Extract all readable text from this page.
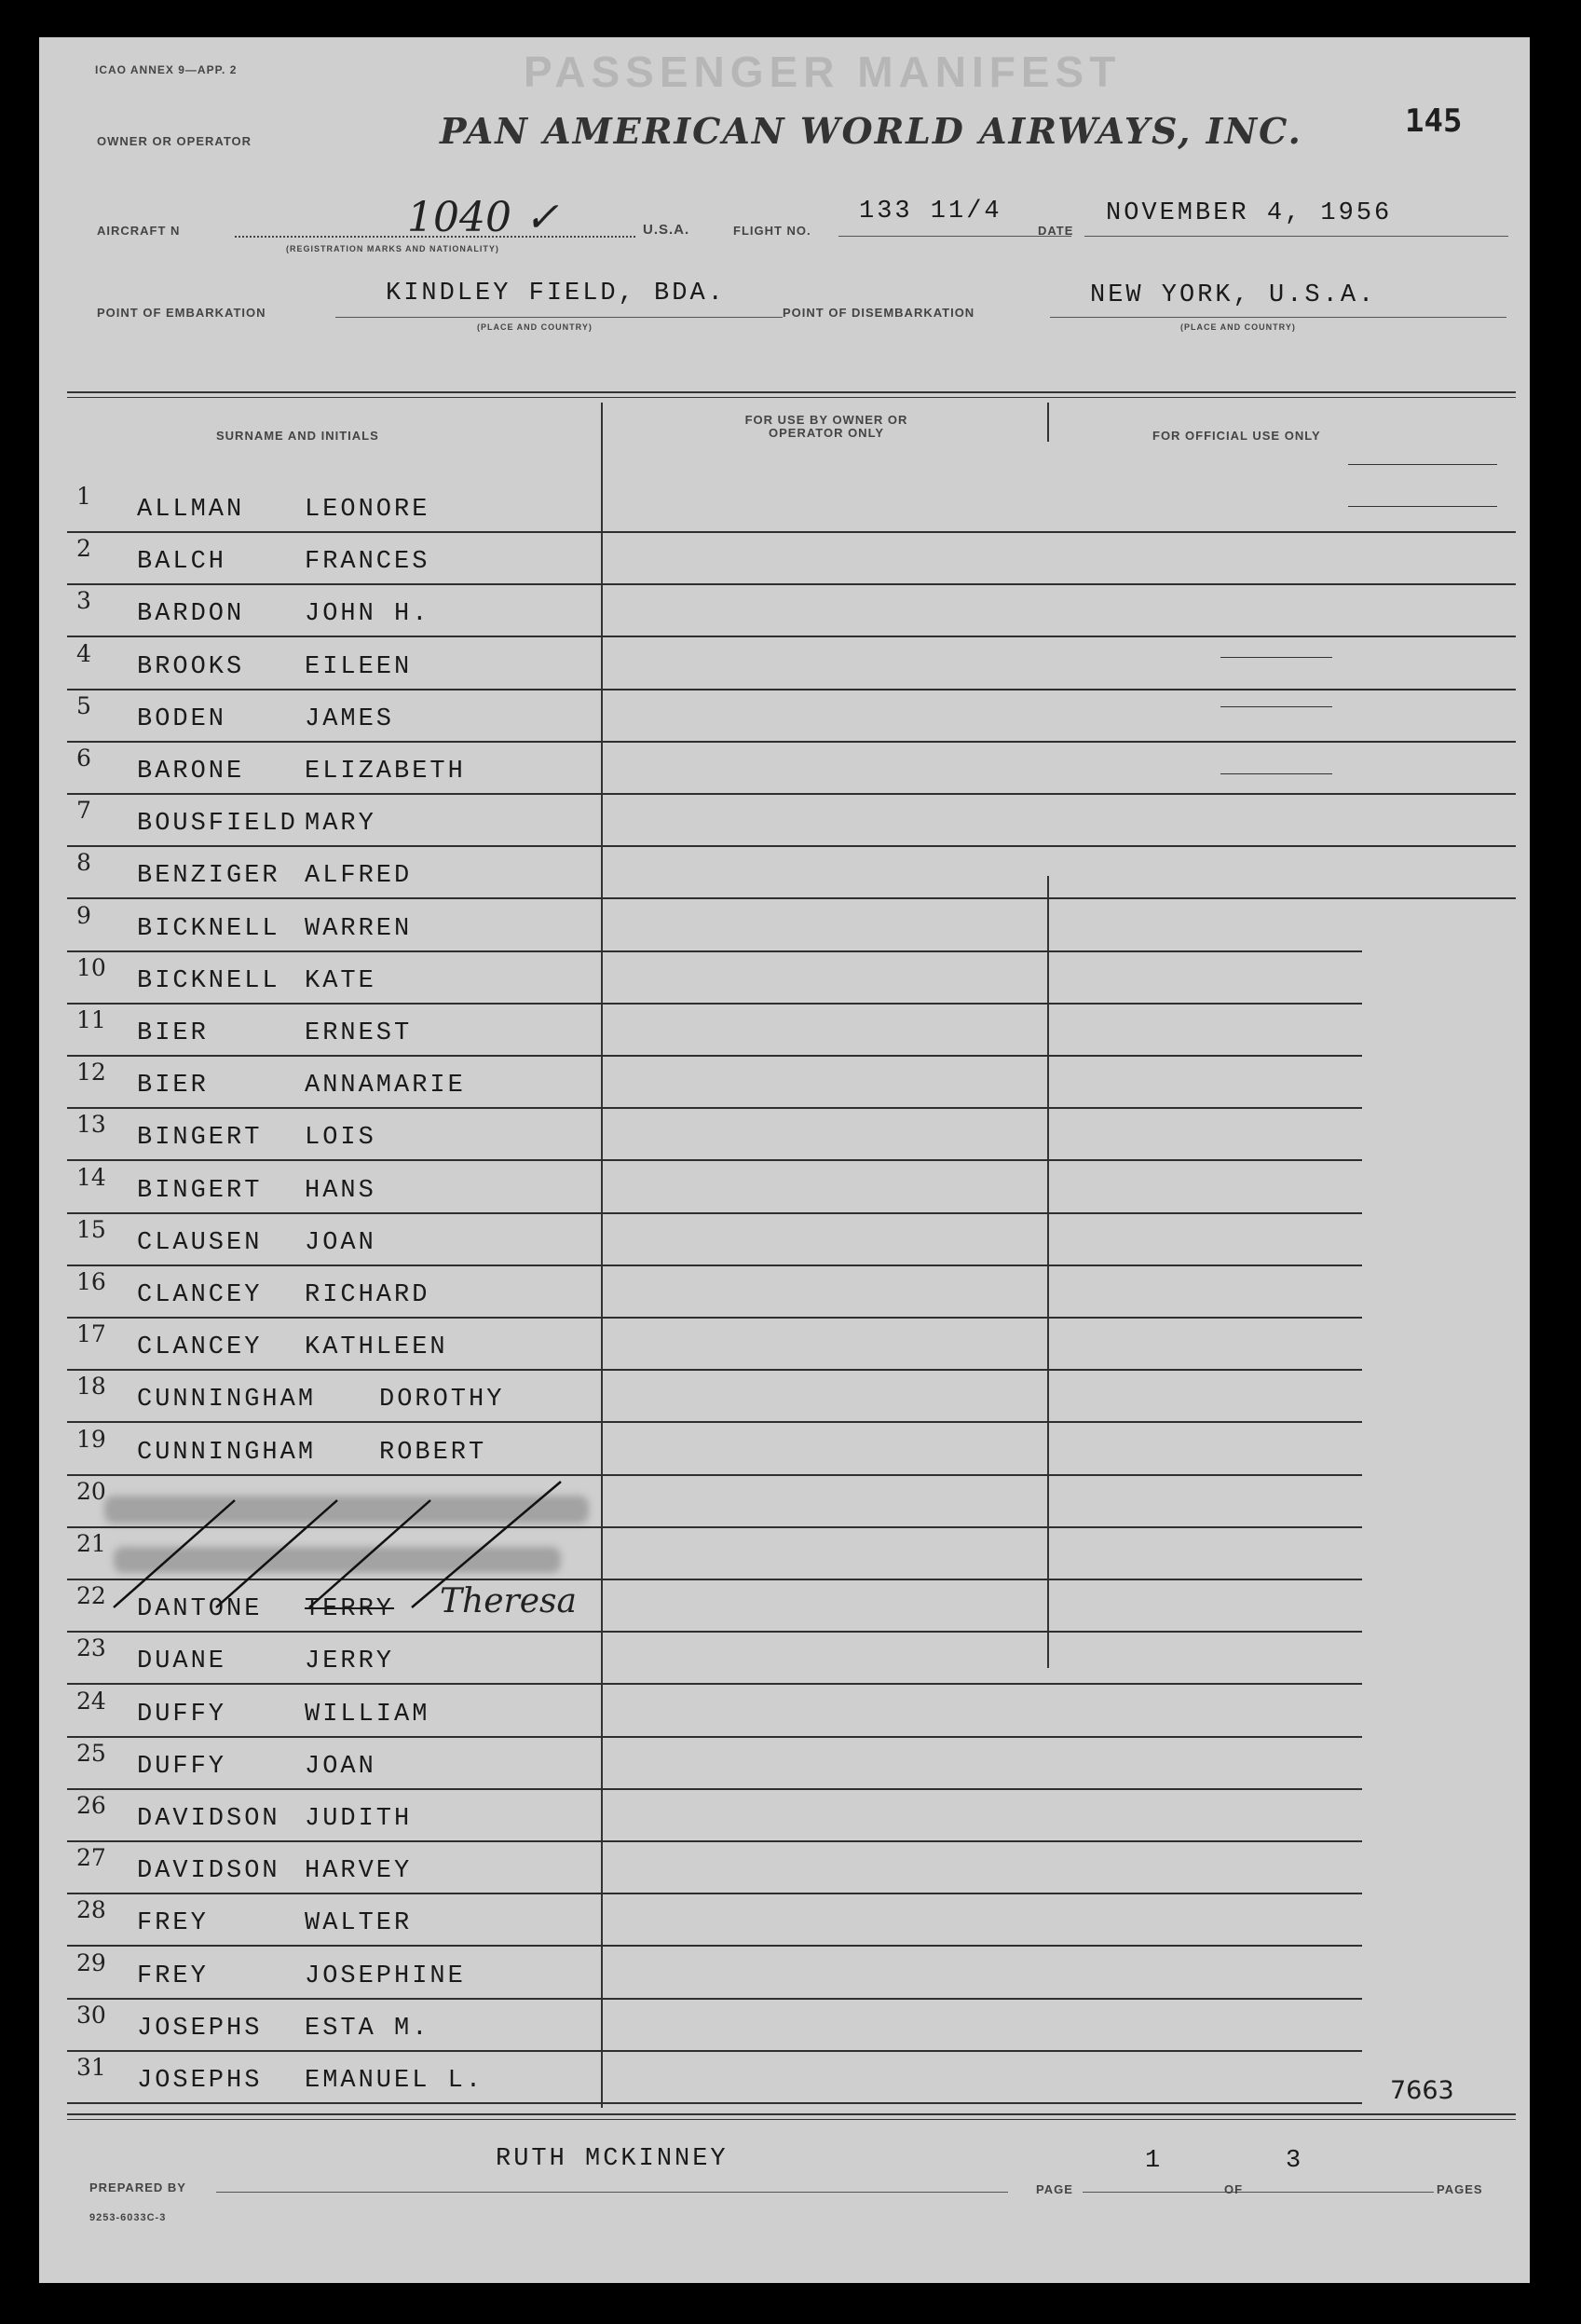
ICAO ANNEX 9—APP. 2	PASSENGER MANIFEST
OWNER OR OPERATOR	PAN AMERICAN WORLD AIRWAYS, INC.	145
AIRCRAFT N	1040 ✓
(REGISTRATION MARKS AND NATIONALITY)
U.S.A.	FLIGHT NO.
133 11/4
DATE
NOVEMBER 4, 1956
POINT OF EMBARKATION
KINDLEY FIELD, BDA.
(PLACE AND COUNTRY)
POINT OF DISEMBARKATION
NEW YORK, U.S.A.
(PLACE AND COUNTRY)
SURNAME AND INITIALS
FOR USE BY OWNER OR OPERATOR ONLY	FOR OFFICIAL USE ONLY
1 ALLMAN LEONORE
2 BALCH	FRANCES
3 BARDON JOHN H.
4 BROOKS EILEEN
5 BODEN	JAMES
6 BARONE ELIZABETH
7 BOUSFIELD MARY
8 BENZIGER ALFRED
9 BICKNELL WARREN
10 BICKNELL KATE
11 BIER	ERNEST
12 BIER	ANNAMARIE
13 BINGERT LOIS
14 BINGERT HANS
15 CLAUSEN JOAN
16 CLANCEY RICHARD
17 CLANCEY KATHLEEN
18 CUNNINGHAM	DOROTHY
19 CUNNINGHAM	ROBERT
20
21
22 DANTONE TERRY
23 DUANE	JERRY
24 DUFFY	WILLIAM
25 DUFFY	JOAN
26 DAVIDSON JUDITH
27 DAVIDSON HARVEY
28 FREY	WALTER
29 FREY	JOSEPHINE
30 JOSEPHS ESTA M.
31 JOSEPHS EMANUEL L.
Theresa
7663
PREPARED BY
RUTH MCKINNEY
PAGE
1
OF
3
PAGES
9253-6033C-3
